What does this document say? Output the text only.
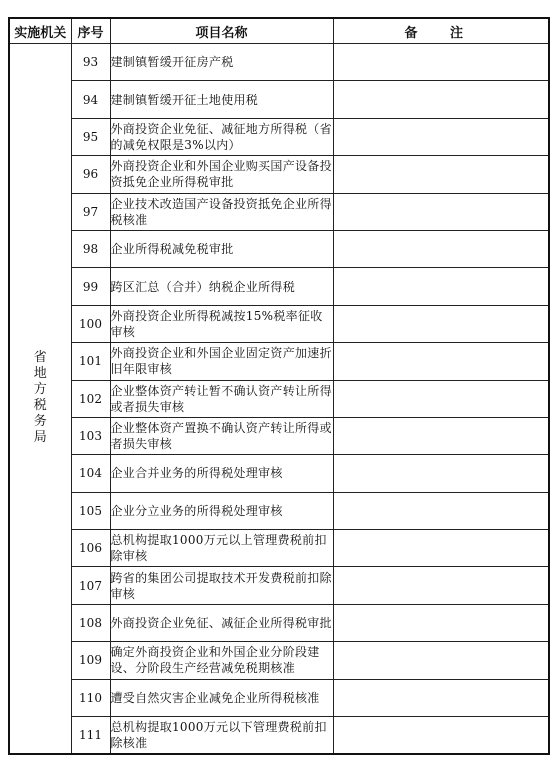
实施机关	序号	项目名称	备 注
省地方税务局	93	建制镇暂缓开征房产税	
	94	建制镇暂缓开征土地使用税	
	95	外商投资企业免征、减征地方所得税（省的减免权限是3%以内）	
	96	外商投资企业和外国企业购买国产设备投资抵免企业所得税审批	
	97	企业技术改造国产设备投资抵免企业所得税核准	
	98	企业所得税减免税审批	
	99	跨区汇总（合并）纳税企业所得税	
	100	外商投资企业所得税减按15%税率征收审核	
	101	外商投资企业和外国企业固定资产加速折旧年限审核	
	102	企业整体资产转让暂不确认资产转让所得或者损失审核	
	103	企业整体资产置换不确认资产转让所得或者损失审核	
	104	企业合并业务的所得税处理审核	
	105	企业分立业务的所得税处理审核	
	106	总机构提取1000万元以上管理费税前扣除审核	
	107	跨省的集团公司提取技术开发费税前扣除审核	
	108	外商投资企业免征、减征企业所得税审批	
	109	确定外商投资企业和外国企业分阶段建设、分阶段生产经营减免税期核准	
	110	遭受自然灾害企业减免企业所得税核准	
	111	总机构提取1000万元以下管理费税前扣除核准	
